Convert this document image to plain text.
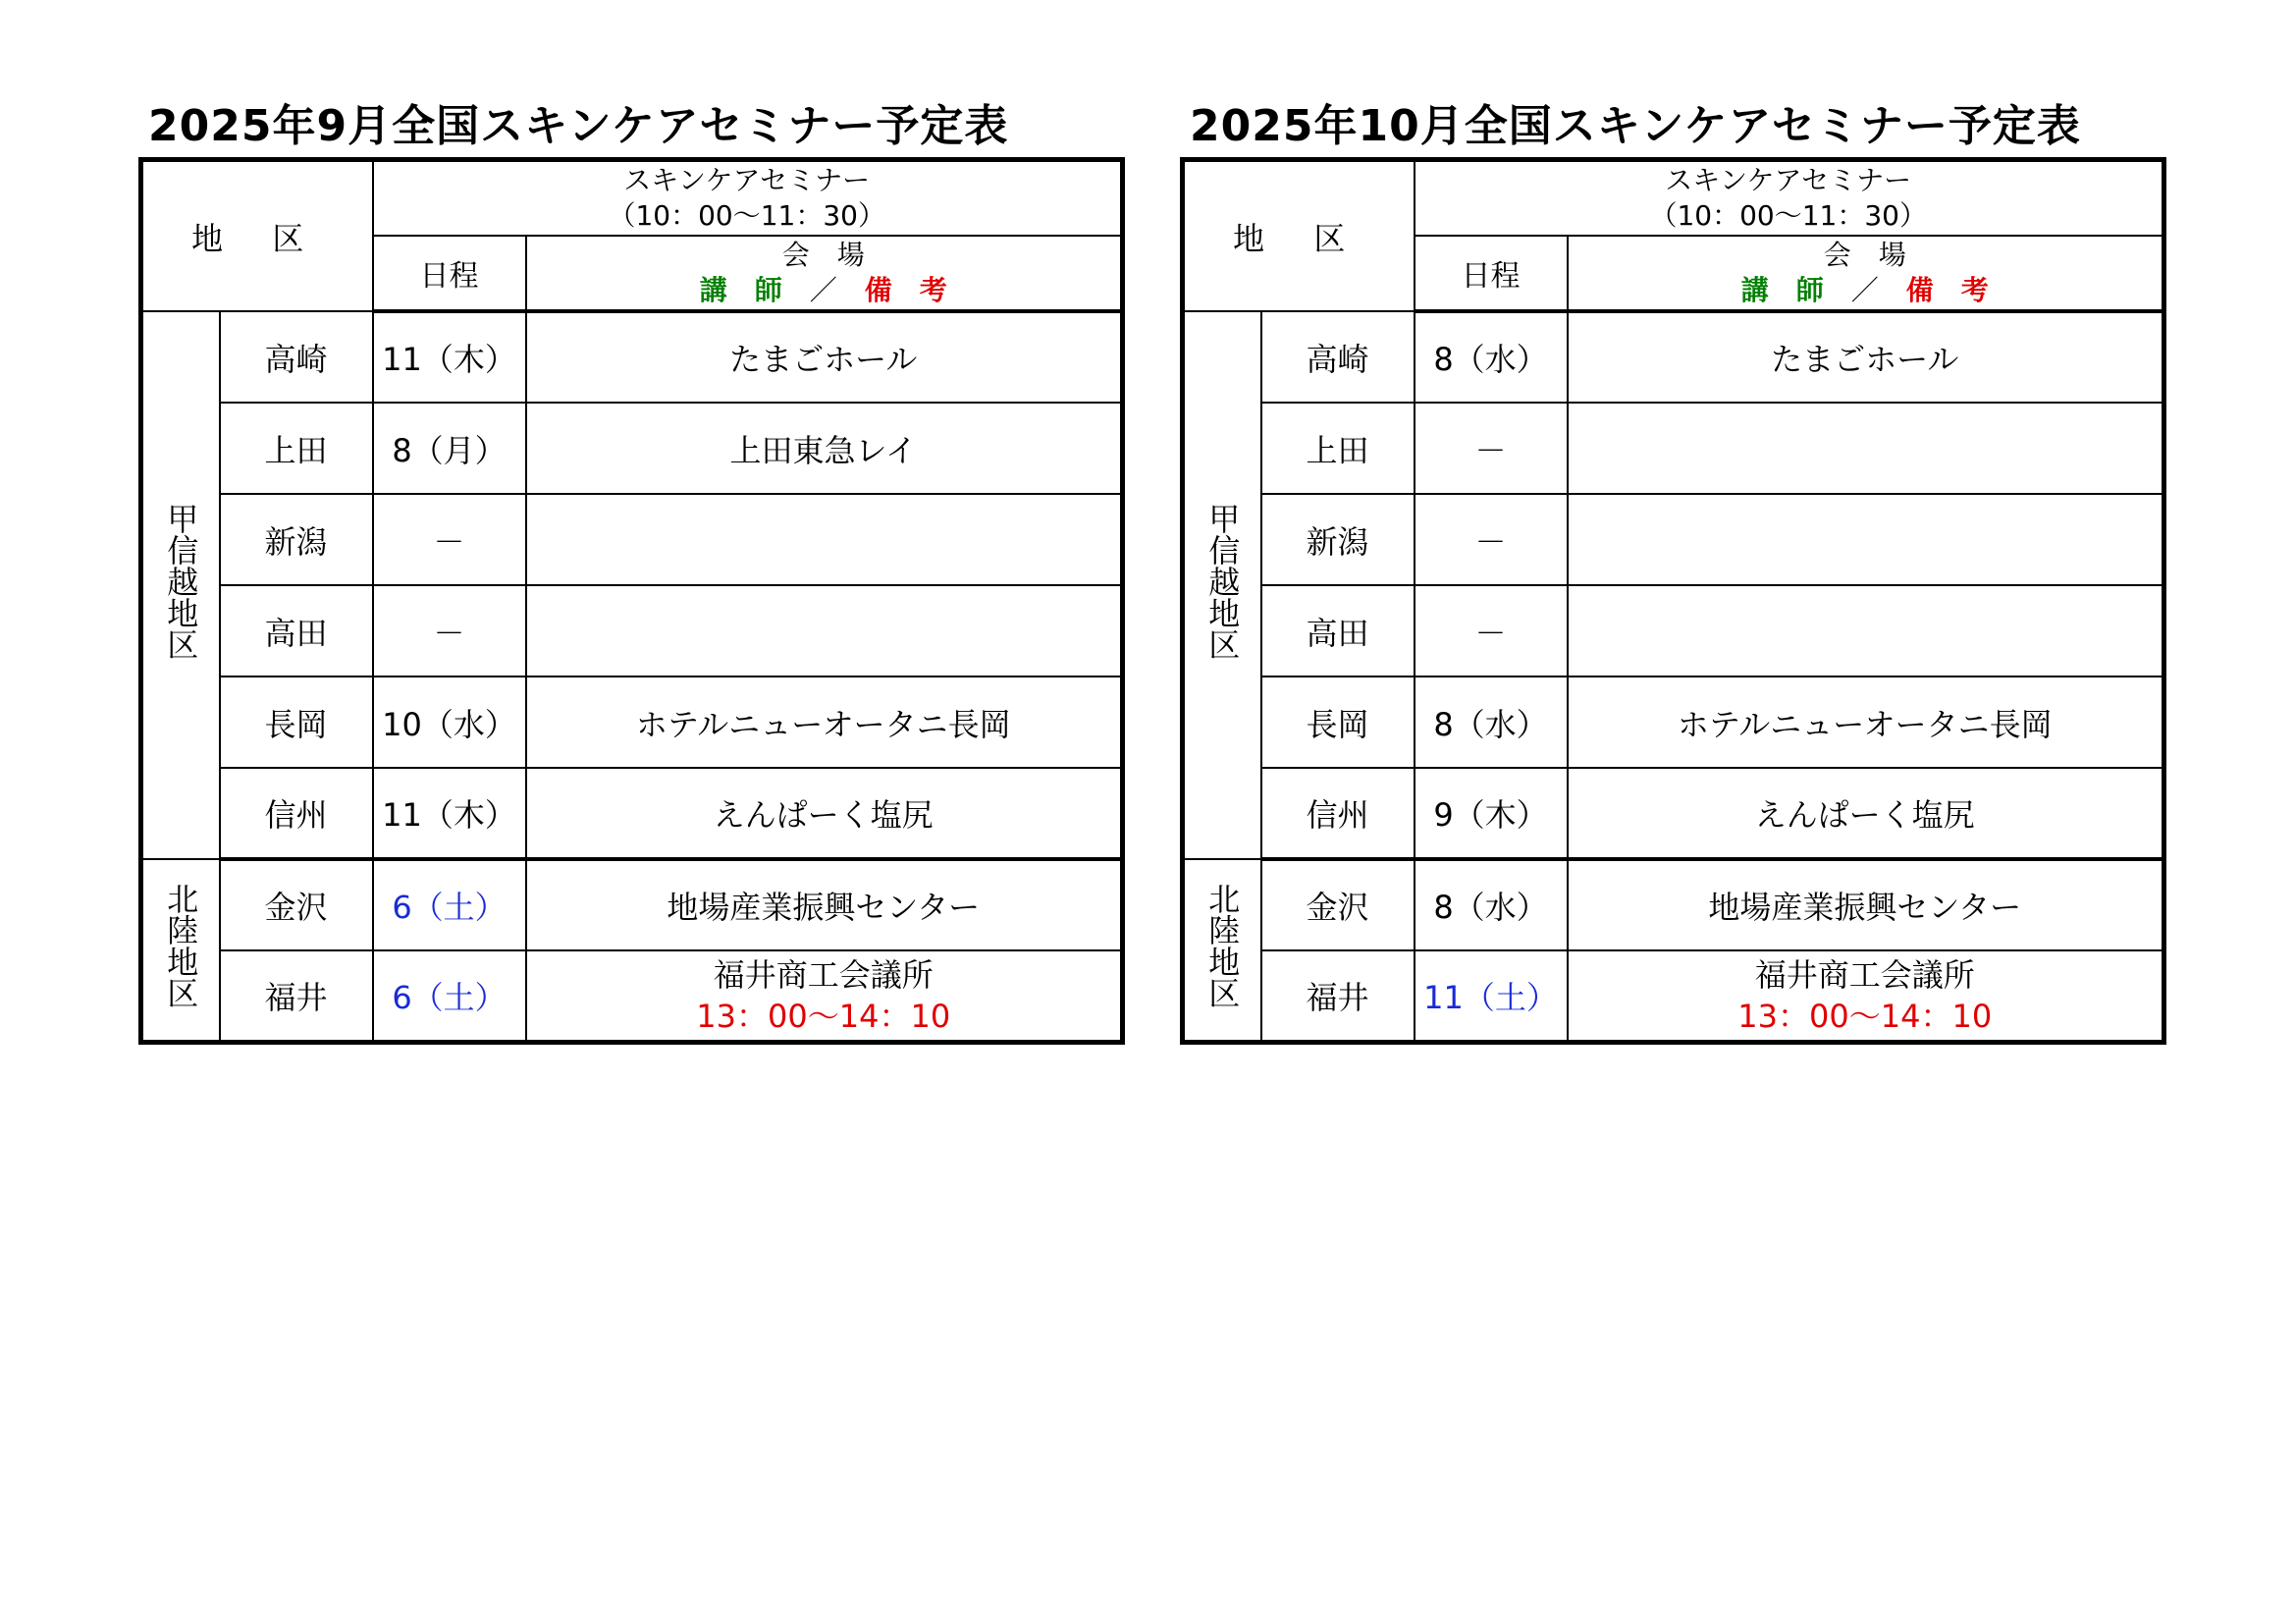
2025年9月全国スキンケアセミナー予定表
地 区		スキンケアセミナー
（10：00〜11：30）	

		日程	会　場
講　師　 ／　 備　考

甲信越地区	高崎	11（木）	たまごホール
	上田	8（月）	上田東急レイ
	新潟	－	
	高田	－	
	長岡	10（水）	ホテルニューオータニ長岡
	信州	11（木）	えんぱーく塩尻
北陸地区	金沢	6（土）	地場産業振興センター
	福井	6（土）	福井商工会議所
13：00〜14：10
2025年10月全国スキンケアセミナー予定表
地 区		スキンケアセミナー
（10：00〜11：30）	

		日程	会　場
講　師　 ／　 備　考

甲信越地区	高崎	8（水）	たまごホール
	上田	－	
	新潟	－	
	高田	－	
	長岡	8（水）	ホテルニューオータニ長岡
	信州	9（木）	えんぱーく塩尻
北陸地区	金沢	8（水）	地場産業振興センター
	福井	11（土）	福井商工会議所
13：00〜14：10
